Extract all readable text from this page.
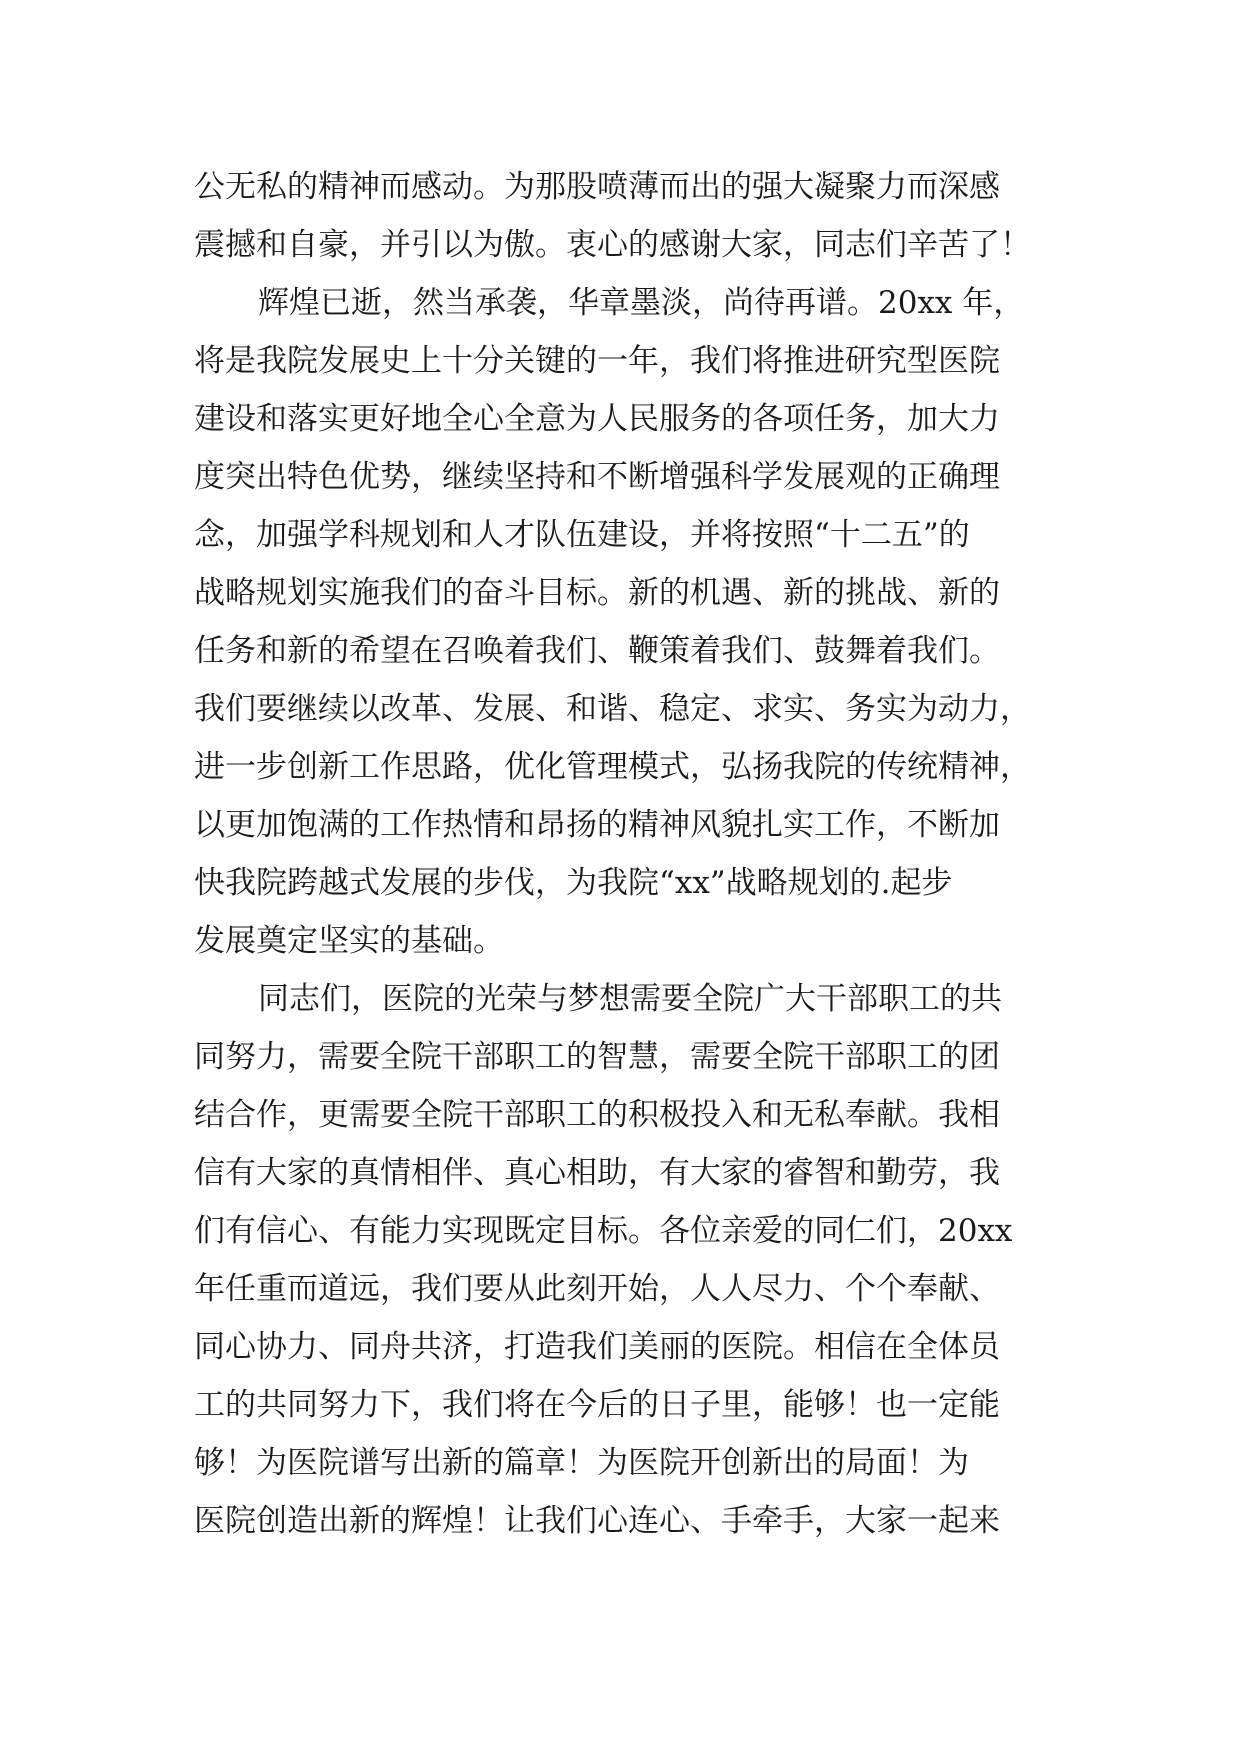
公无私的精神而感动。为那股喷薄而出的强大凝聚力而深感
震撼和自豪，并引以为傲。衷心的感谢大家，同志们辛苦了！
辉煌已逝，然当承袭，华章墨淡，尚待再谱。20xx 年，
将是我院发展史上十分关键的一年，我们将推进研究型医院
建设和落实更好地全心全意为人民服务的各项任务，加大力
度突出特色优势，继续坚持和不断增强科学发展观的正确理
念，加强学科规划和人才队伍建设，并将按照“十二五”的
战略规划实施我们的奋斗目标。新的机遇、新的挑战、新的
任务和新的希望在召唤着我们、鞭策着我们、鼓舞着我们。
我们要继续以改革、发展、和谐、稳定、求实、务实为动力，
进一步创新工作思路，优化管理模式，弘扬我院的传统精神，
以更加饱满的工作热情和昂扬的精神风貌扎实工作，不断加
快我院跨越式发展的步伐，为我院“xx”战略规划的.起步
发展奠定坚实的基础。
同志们，医院的光荣与梦想需要全院广大干部职工的共
同努力，需要全院干部职工的智慧，需要全院干部职工的团
结合作，更需要全院干部职工的积极投入和无私奉献。我相
信有大家的真情相伴、真心相助，有大家的睿智和勤劳，我
们有信心、有能力实现既定目标。各位亲爱的同仁们，20xx
年任重而道远，我们要从此刻开始，人人尽力、个个奉献、
同心协力、同舟共济，打造我们美丽的医院。相信在全体员
工的共同努力下，我们将在今后的日子里，能够！也一定能
够！为医院谱写出新的篇章！为医院开创新出的局面！为
医院创造出新的辉煌！让我们心连心、手牵手，大家一起来
